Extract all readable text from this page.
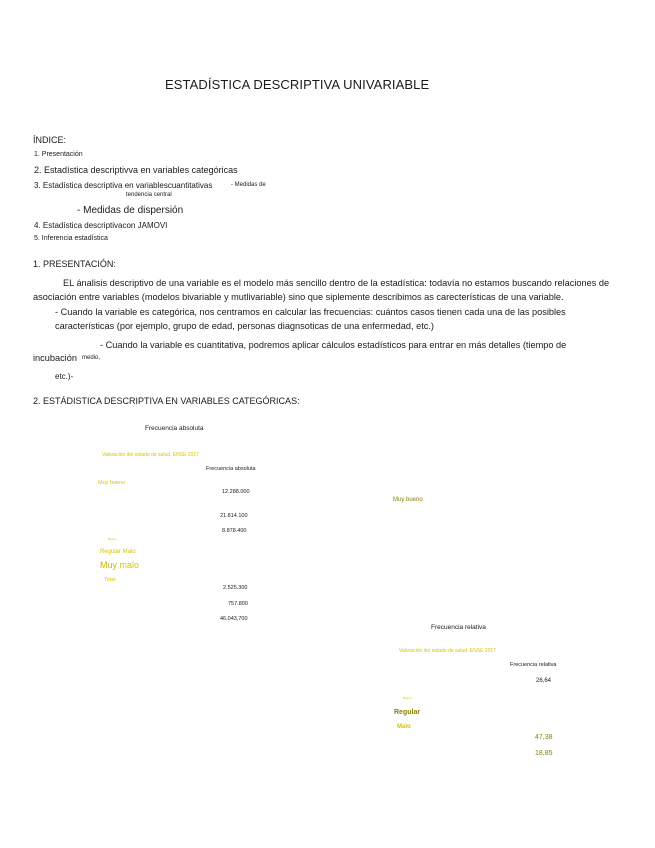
ESTADÍSTICA DESCRIPTIVA UNIVARIABLE
ÍNDICE:
1. Presentación
2. Estadística descriptivva en variables categóricas
3. Estadística descriptiva en variablescuantitativas	- Medidas de
tendencia central
- Medidas de dispersión
4. Estadística descriptivacon JAMOVI
5. Inferencia estadística
1. PRESENTACIÓN:
EL ánalisis descriptivo de una variable es el modelo más sencillo dentro de la estadística: todavía no estamos buscando relaciones de asociación entre variables (modelos bivariable y mutlivariable) sino que siplemente describimos as carecterísticas de una variable.
- Cuando la variable es categórica, nos centramos en calcular las frecuencias: cuántos casos tienen cada una de las posibles características (por ejemplo, grupo de edad, personas diagnsoticas de una enfermedad, etc.)
- Cuando la variable es cuantitativa, podremos aplicar cálculos estadísticos para entrar en más detalles (tiempo de
incubación medio,
etc.)-
2. ESTÁDISTICA DESCRIPTIVA EN VARIABLES CATEGÓRICAS:
Frecuencia absoluta
Valoración del estado de salud. ENSE 2017
Frecuencia absoluta
Muy bueno
12.288.000
Muy bueno
21.814.100
8.878.400
Bueno
Regular Malo
Muy malo
Total
2.525.300
757.800
46.043,700
Frecuencia relativa
Valoración del estado de salud. ENSE 2017
Frecuencia relativa
26,64
Bueno
Regular
Malo
47,38
18,85
